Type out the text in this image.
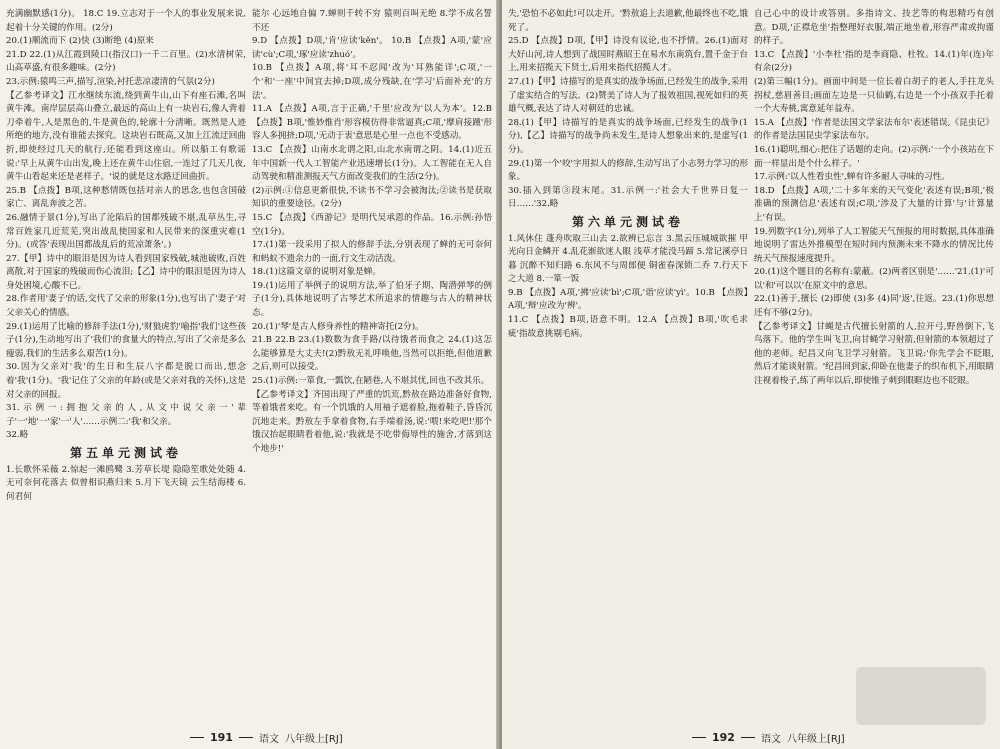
充满幽默感(1分)。 18.C 19.立志对于一个人的事业发展来说,起着十分关键的作用。(2分)

20.(1)顺流而下 (2)快 (3)断绝 (4)原来

21.D 22.(1)从江霞到陵口(指汉口)一千二百里。(2)水清树荣,山高草盛,有很多趣味。(2分)

23.示例:猿鸣三声,描写,渲染,衬托悲凉凄清的气氛(2分)

【乙参考译文】江水继续东流,绕到黄牛山,山下有座石滩,名叫黄牛滩。南岸层层高山叠立,最远的高山上有一块岩石,像人背着刀牵着牛,人是黑色的,牛是黄色的,轮廓十分清晰。既然是人迹所绝的地方,没有谁能去探究。这块岩石既高,又加上江流迂回曲折,即使经过几天的航行,还能看到这座山。所以船工有歌谣说:'早上从黄牛山出发,晚上还在黄牛山住宿,一连过了几天几夜,黄牛山看起来还是老样子。'说的就是这水路迂回曲折。

25.B 【点拨】B项,这种愁情既包括对亲人的思念,也包含国破家亡、离乱奔波之苦。

26.融情于景(1分),写出了沦陷后的国都残破不堪,乱草丛生,寻常百姓家几近荒芜,突出战乱使国家和人民带来的深重灾难(1分)。(或答'表现出国都战乱后的荒凉萧条'。)

27.【甲】诗中的眼泪是因为诗人看到国家残破,城池破败,百姓离散,对于国家的残破而伤心流泪;【乙】诗中的眼泪是因为诗人身处困境,心酸不已。

28.作者用'妻子'的话,交代了父亲的形象(1分),也写出了'妻子'对父亲关心的情感。

29.(1)运用了比喻的修辞手法(1分),'财狼虎豹'喻指'我们'这些孩子(1分),生动地写出了'我们'的食量大的特点,写出了父亲是多么瘦弱,我们的生活多么艰苦(1分)。

30.因为父亲对'我'的生日和生辰八字都是脱口而出,想念着'我'(1分)。'我'记住了父亲的年龄(或是父亲对我的关怀),这是对父亲的回报。

31.示例一:拥抱父亲的人,从文中说父亲一'辈子'一'地'一'家'一'人'……示例二:'我'和父亲。

32.略

第五单元测试卷

1.长歌怀采薇 2.惊起一滩鸥鹭 3.芳草长堤 隐隐笙歌处处随 4.无可奈何花落去 似曾相识燕归来 5.月下飞天镜 云生结海楼 6.何君何

能尔 心远地自偏 7.蝉则千转不穷 猿则百叫无绝 8.学不成名誓不还

9.D 【点拨】D项,'肯'应读'kěn'。 10.B 【点拨】A项,'蒙'应读'cù';C项,'琢'应读'zhuó'。

10.B 【点拨】A项,将'耳不忍闻'改为'耳熟能详';C项,'一个'和'一座'中间宜去掉;D项,成分残缺,在'学习'后面补充'的方法'。

11.A 【点拨】A项,言于正确,'千里'应改为'以人为本'。12.B 【点拨】B项,'惟妙惟肖'形容模仿得非常逼真;C项,'摩肩接踵'形容人多拥挤;D项,'无动于衷'意思是心里一点也不受感动。

13.C 【点拨】山南水北谓之阳,山北水南谓之阴。14.(1)近五年中国新一代人工智能产业迅速增长(1分)。人工智能在无人自动驾驶和精准测报天气方面改变我们的生活(2分)。

(2)示例:①信息更新很快,不读书不学习会被淘汰;②读书是获取知识的重要途径。(2分)

15.C 【点拨】《西游记》是明代吴承恩的作品。16.示例:孙悟空(1分)。

17.(1)第一段采用了拟人的修辞手法,分别表现了蝉的无可奈何和蚂蚁不遗余力的一面,行文生动活泼。

18.(1)这篇文章的说明对象是蝉。

19.(1)运用了举例子的说明方法,举了伯牙子期、陶潜弹琴的例子(1分),具体地说明了古琴艺术所追求的情趣与古人的精神状态。

20.(1)'琴'是古人修身养性的精神寄托(2分)。

21.B 22.B 23.(1)数数为食手路/以待饿者而食之 24.(1)这怎么能够算是大丈夫!(2)黔敖无礼呼唤他,当然可以拒绝,但他道歉之后,则可以接受。

25.(1)示例:一箪食,一瓢饮,在陋巷,人不堪其忧,回也不改其乐。

【乙参考译文】齐国出现了严重的饥荒,黔敖在路边准备好食物,等着饿者来吃。有一个饥饿的人用袖子遮着脸,拖着鞋子,昏昏沉沉地走来。黔敖左手拿着食物,右手端着汤,说:'喂!来吃吧!'那个饿汉抬起眼睛看着他,说:'我就是不吃带侮辱性的施舍,才落到这个地步!'

191	语文 八年级上[RJ]

失,'恐怕不必如此!可以走开。'黔敖追上去道歉,他最终也不吃,饿死了。

25.D 【点拨】D项,【甲】诗没有议论,也不抒情。26.(1)面对大好山河,诗人想到了战国时燕昭王在易水东南筑台,置千金于台上,用来招揽天下贤士,后用来指代招揽人才。

27.(1)【甲】诗描写的是真实的战争场面,已经发生的战争,采用了虚实结合的写法。(2)赞美了诗人为了报效祖国,视死如归的英雄气概,表达了诗人对朝廷的忠诚。

28.(1)【甲】诗描写的是真实的战争场面,已经发生的战争(1分),【乙】诗描写的战争尚未发生,是诗人想象出来的,是虚写(1分)。

29.(1)第一个'咬'字用拟人的修辞,生动写出了小志努力学习的形象。

30.插入到第③段末尾。31.示例一:'社会大千世界日复一日……'32.略

第六单元测试卷

1.风休住 蓬舟吹取三山去 2.欲辨已忘言 3.黑云压城城欲摧 甲光向日金鳞开 4.乱花渐欲迷人眼 浅草才能没马蹄 5.常记溪亭日暮 沉醉不知归路 6.东风不与周郎便 铜雀春深锁二乔 7.行天下之大道 8.一箪一饭

9.B 【点拨】A项,'拂'应读'bì';C项,'诣'应读'yì'。10.B 【点拨】A项,'辩'应改为'辨'。

11.C 【点拨】B项,语意不明。12.A 【点拨】B项,'吹毛求疵'指故意挑剔毛病。

自己心中的设计或答别。多指诗文、技艺等的构思精巧有创意。D项,'正襟危坐'指整理好衣服,端正地坐着,形容严肃或拘谨的样子。

13.C 【点拨】'小李杜'指的是李商隐、杜牧。14.(1)年(连)年有余(2分)

(2)第三幅(1分)。画面中间是一位长着白胡子的老人,手拄龙头拐杖,慈眉善目;画面左边是一只仙鹤,右边是一个小孩双手托着一个大寿桃,寓意延年益寿。

15.A 【点拨】'作者是法国文学家法布尔'表述错误,《昆虫记》的作者是法国昆虫学家法布尔。

16.(1)聪明,细心:把住了话题的走向。(2)示例:'一个小孩站在下面一样显出是个什么样子。'

17.示例:'以人性看虫性',蝉有许多耐人寻味的习性。

18.D 【点拨】A项,'二十多年来的天气变化'表述有误;B项,'极准确的预测信息'表述有误;C项,'涉及了大量的计算'与'计算量上'有误。

19.列数字(1分),列举了人工智能天气预报的用时数据,具体准确地说明了雷达外推模型在短时间内预测未来不降水的情况比传统天气预报速度提升。

20.(1)这个题目的名称有:蒙蔽。(2)两者区别是'……'21.(1)'可以'和'可以以'在原文中的意思。

22.(1)善于,擅长 (2)即使 (3)多 (4)同'返',往返。23.(1)你思想还有不够(2分)。

【乙参考译文】甘蝇是古代擅长射箭的人,拉开弓,野兽倒下,飞鸟落下。他的学生叫飞卫,向甘蝇学习射箭,但射箭的本领超过了他的老师。纪昌又向飞卫学习射箭。飞卫说:'你先学会不眨眼,然后才能谈射箭。'纪昌回到家,仰卧在他妻子的织布机下,用眼睛注视着梭子,练了两年以后,即使锥子刺到眼眶边也不眨眼。

192	语文 八年级上[RJ]
